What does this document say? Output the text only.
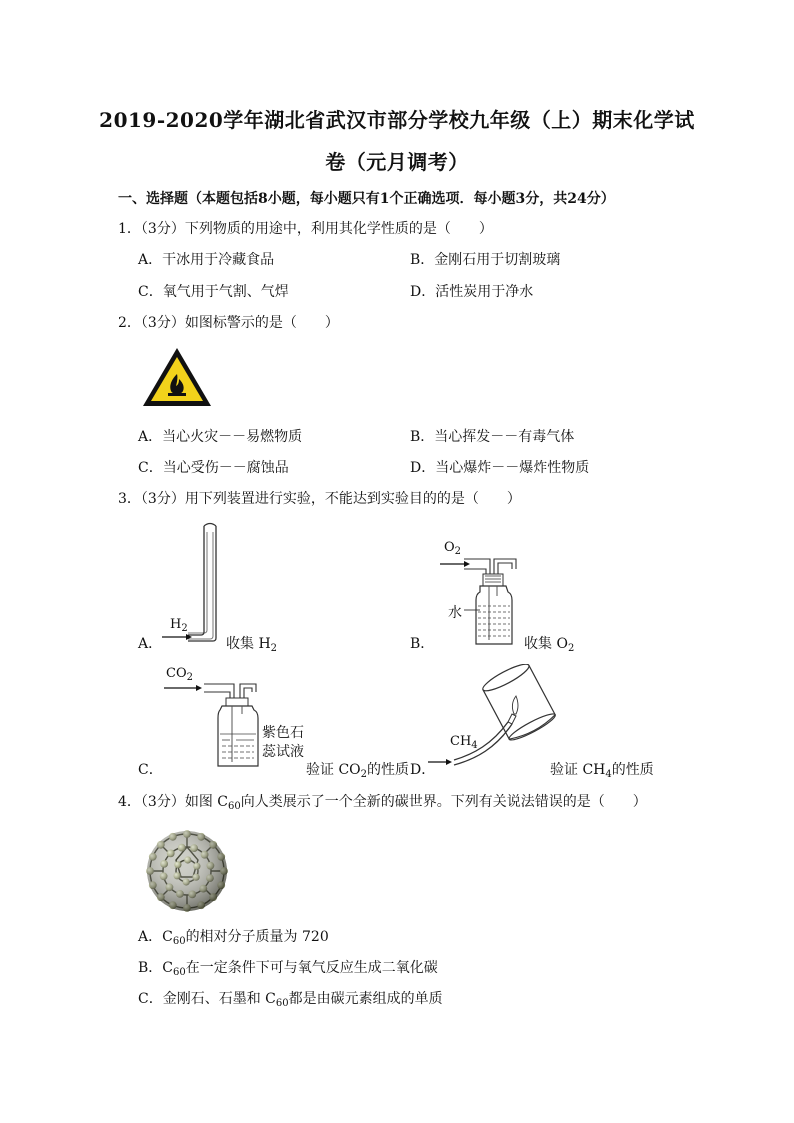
2019-2020学年湖北省武汉市部分学校九年级（上）期末化学试
卷（元月调考）
一、选择题（本题包括8小题，每小题只有1个正确选项．每小题3分，共24分）
1．（3分）下列物质的用途中，利用其化学性质的是（　　）
A．干冰用于冷藏食品	B．金刚石用于切割玻璃
C．氧气用于气割、气焊	D．活性炭用于净水
2．（3分）如图标警示的是（　　）
A．当心火灾－－易燃物质	B．当心挥发－－有毒气体
C．当心受伤－－腐蚀品	D．当心爆炸－－爆炸性物质
3．（3分）用下列装置进行实验，不能达到实验目的的是（　　）
A．
$H_2$
收集 $H_2$	B．
$O_2$
水
收集 $O_2$
$CO_2$
紫色石
蕊试液
C．	验证 $CO_2$的性质 D．
$CH_4$
验证 $CH_4$的性质
4．（3分）如图 $C_{60}$向人类展示了一个全新的碳世界。下列有关说法错误的是（　　）
A．$C_{60}$的相对分子质量为 720
B．$C_{60}$在一定条件下可与氧气反应生成二氧化碳
C．金刚石、石墨和 $C_{60}$都是由碳元素组成的单质
